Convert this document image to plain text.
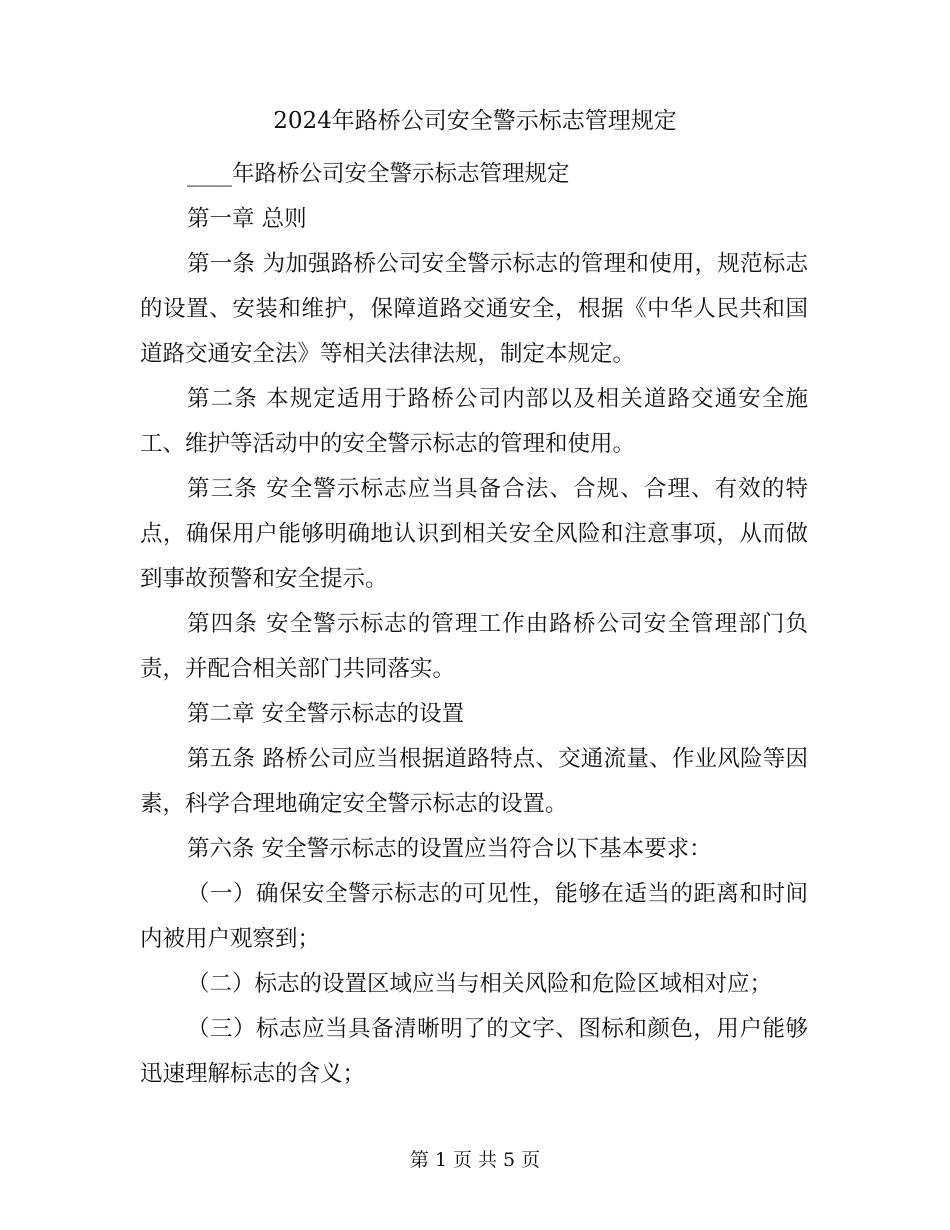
2024年路桥公司安全警示标志管理规定

____年路桥公司安全警示标志管理规定

第一章 总则

第一条 为加强路桥公司安全警示标志的管理和使用，规范标志的设置、安装和维护，保障道路交通安全，根据《中华人民共和国道路交通安全法》等相关法律法规，制定本规定。

第二条 本规定适用于路桥公司内部以及相关道路交通安全施工、维护等活动中的安全警示标志的管理和使用。

第三条 安全警示标志应当具备合法、合规、合理、有效的特点，确保用户能够明确地认识到相关安全风险和注意事项，从而做到事故预警和安全提示。

第四条 安全警示标志的管理工作由路桥公司安全管理部门负责，并配合相关部门共同落实。

第二章 安全警示标志的设置

第五条 路桥公司应当根据道路特点、交通流量、作业风险等因素，科学合理地确定安全警示标志的设置。

第六条 安全警示标志的设置应当符合以下基本要求：

（一）确保安全警示标志的可见性，能够在适当的距离和时间内被用户观察到；

（二）标志的设置区域应当与相关风险和危险区域相对应；

（三）标志应当具备清晰明了的文字、图标和颜色，用户能够迅速理解标志的含义；

第 1 页 共 5 页
